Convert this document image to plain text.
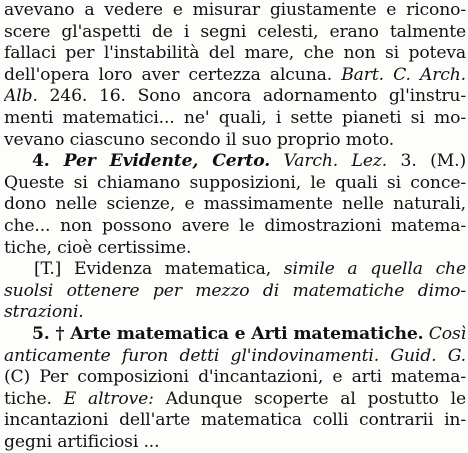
avevano a vedere e misurar giustamente e ricono-
scere gl'aspetti de i segni celesti, erano talmente
fallaci per l'instabilità del mare, che non si poteva
dell'opera loro aver certezza alcuna. Bart. C. Arch.
Alb. 246. 16. Sono ancora adornamento gl'instru-
menti matematici... ne' quali, i sette pianeti si mo-
vevano ciascuno secondo il suo proprio moto.
4. Per Evidente, Certo. Varch. Lez. 3. (M.)
Queste si chiamano supposizioni, le quali si conce-
dono nelle scienze, e massimamente nelle naturali,
che... non possono avere le dimostrazioni matema-
tiche, cioè certissime.
[T.] Evidenza matematica, simile a quella che
suolsi ottenere per mezzo di matematiche dimo-
strazioni.
5. † Arte matematica e Arti matematiche. Così
anticamente furon detti gl'indovinamenti. Guid. G.
(C) Per composizioni d'incantazioni, e arti matema-
tiche. E altrove: Adunque scoperte al postutto le
incantazioni dell'arte matematica colli contrarii in-
gegni artificiosi ...
